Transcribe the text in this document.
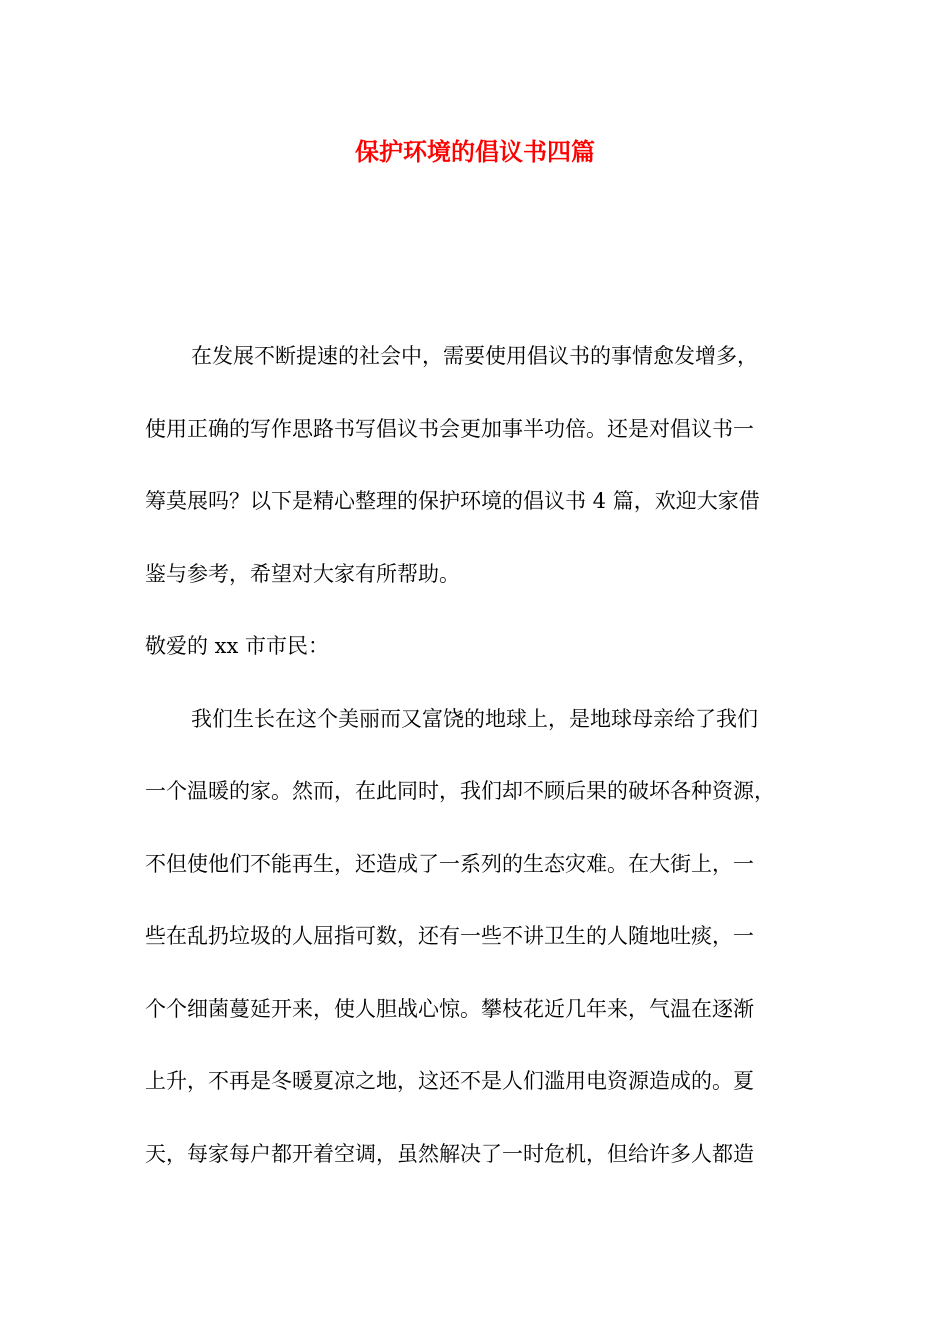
保护环境的倡议书四篇
在发展不断提速的社会中，需要使用倡议书的事情愈发增多，
使用正确的写作思路书写倡议书会更加事半功倍。还是对倡议书一
筹莫展吗？以下是精心整理的保护环境的倡议书 4 篇，欢迎大家借
鉴与参考，希望对大家有所帮助。
敬爱的 xx 市市民：
我们生长在这个美丽而又富饶的地球上，是地球母亲给了我们
一个温暖的家。然而，在此同时，我们却不顾后果的破坏各种资源，
不但使他们不能再生，还造成了一系列的生态灾难。在大街上，一
些在乱扔垃圾的人屈指可数，还有一些不讲卫生的人随地吐痰，一
个个细菌蔓延开来，使人胆战心惊。攀枝花近几年来，气温在逐渐
上升，不再是冬暖夏凉之地，这还不是人们滥用电资源造成的。夏
天，每家每户都开着空调，虽然解决了一时危机，但给许多人都造
